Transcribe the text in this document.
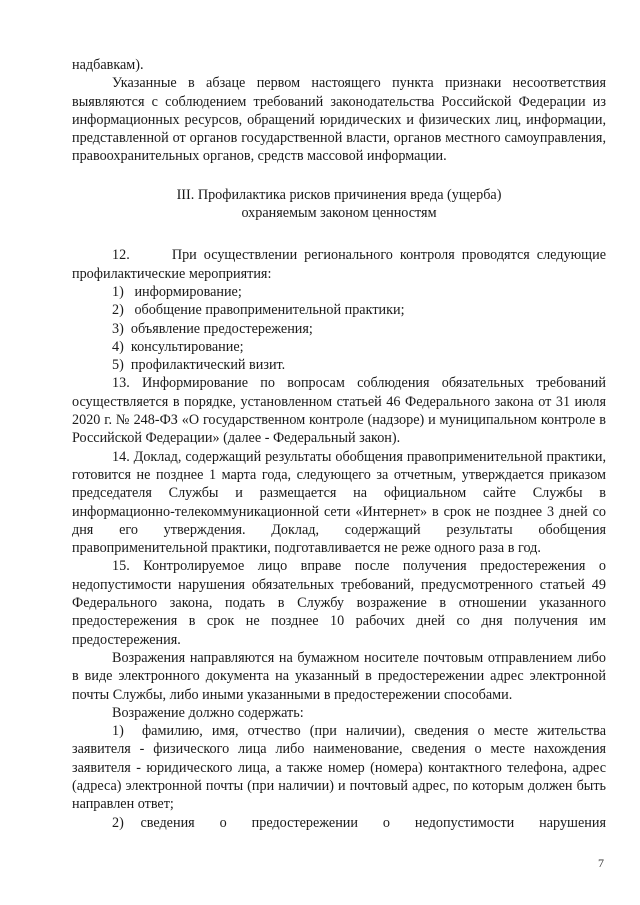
надбавкам).

Указанные в абзаце первом настоящего пункта признаки несоответствия выявляются с соблюдением требований законодательства Российской Федерации из информационных ресурсов, обращений юридических и физических лиц, информации, представленной от органов государственной власти, органов местного самоуправления, правоохранительных органов, средств массовой информации.

III. Профилактика рисков причинения вреда (ущерба)
охраняемым законом ценностям

12.      При осуществлении регионального контроля проводятся следующие профилактические мероприятия:

1)   информирование;
2)   обобщение правоприменительной практики;
3)  объявление предостережения;
4)  консультирование;
5)  профилактический визит.

13. Информирование по вопросам соблюдения обязательных требований осуществляется в порядке, установленном статьей 46 Федерального закона от 31 июля 2020 г. № 248-ФЗ «О государственном контроле (надзоре) и муниципальном контроле в Российской Федерации» (далее - Федеральный закон).

14. Доклад, содержащий результаты обобщения правоприменительной практики, готовится не позднее 1 марта года, следующего за отчетным, утверждается приказом председателя Службы и размещается на официальном сайте Службы в информационно-телекоммуникационной сети «Интернет» в срок не позднее 3 дней со дня его утверждения. Доклад, содержащий результаты обобщения правоприменительной практики, подготавливается не реже одного раза в год.

15. Контролируемое лицо вправе после получения предостережения о недопустимости нарушения обязательных требований, предусмотренного статьей 49 Федерального закона, подать в Службу возражение в отношении указанного предостережения в срок не позднее 10 рабочих дней со дня получения им предостережения.

Возражения направляются на бумажном носителе почтовым отправлением либо в виде электронного документа на указанный в предостережении адрес электронной почты Службы, либо иными указанными в предостережении способами.

Возражение должно содержать:

1)  фамилию, имя, отчество (при наличии), сведения о месте жительства заявителя - физического лица либо наименование, сведения о месте нахождения заявителя - юридического лица, а также номер (номера) контактного телефона, адрес (адреса) электронной почты (при наличии) и почтовый адрес, по которым должен быть направлен ответ;

2)  сведения   о   предостережении   о   недопустимости   нарушения

7
